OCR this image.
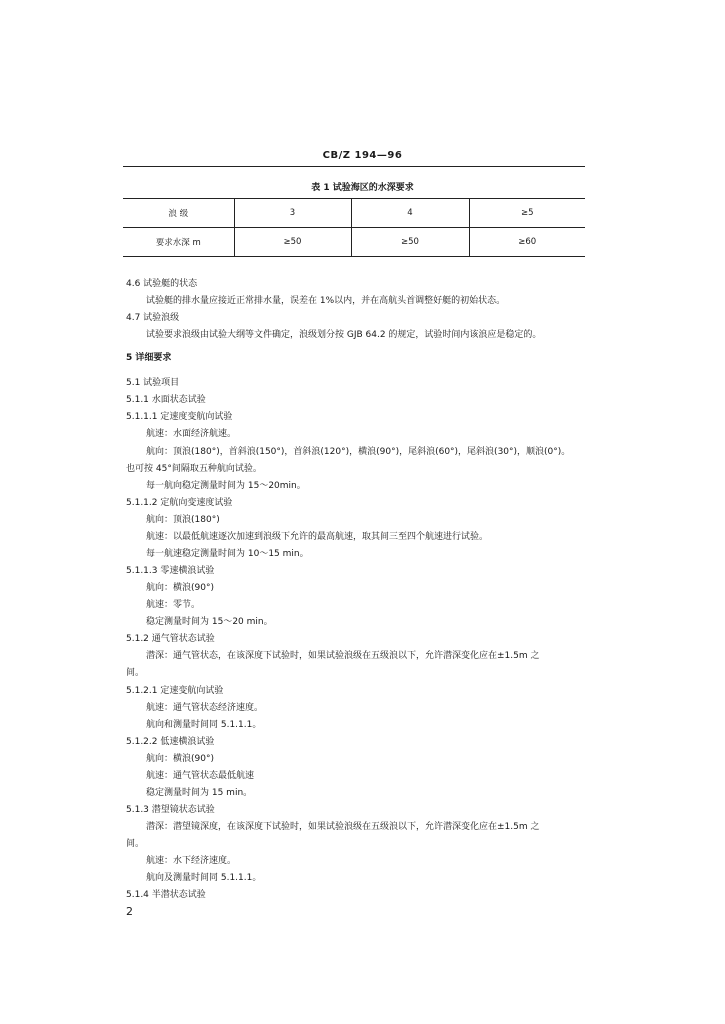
CB/Z 194—96
表 1 试验海区的水深要求
浪 级	3	4	≥5
要求水深 m	≥50	≥50	≥60
4.6 试验艇的状态
试验艇的排水量应接近正常排水量，误差在 1%以内，并在高航头首调整好艇的初始状态。
4.7 试验浪级
试验要求浪级由试验大纲等文件确定，浪级划分按 GJB 64.2 的规定，试验时间内该浪应是稳定的。
5 详细要求
5.1 试验项目
5.1.1 水面状态试验
5.1.1.1 定速度变航向试验
航速：水面经济航速。
航向：顶浪(180°)，首斜浪(150°)，首斜浪(120°)，横浪(90°)，尾斜浪(60°)，尾斜浪(30°)，顺浪(0°)。
也可按 45°间隔取五种航向试验。
每一航向稳定测量时间为 15～20min。
5.1.1.2 定航向变速度试验
航向：顶浪(180°)
航速：以最低航速逐次加速到浪级下允许的最高航速，取其间三至四个航速进行试验。
每一航速稳定测量时间为 10～15 min。
5.1.1.3 零速横浪试验
航向：横浪(90°)
航速：零节。
稳定测量时间为 15～20 min。
5.1.2 通气管状态试验
潜深：通气管状态，在该深度下试验时，如果试验浪级在五级浪以下，允许潜深变化应在±1.5m 之
间。
5.1.2.1 定速变航向试验
航速：通气管状态经济速度。
航向和测量时间同 5.1.1.1。
5.1.2.2 低速横浪试验
航向：横浪(90°)
航速：通气管状态最低航速
稳定测量时间为 15 min。
5.1.3 潜望镜状态试验
潜深：潜望镜深度，在该深度下试验时，如果试验浪级在五级浪以下，允许潜深变化应在±1.5m 之
间。
航速：水下经济速度。
航向及测量时间同 5.1.1.1。
5.1.4 半潜状态试验
2
